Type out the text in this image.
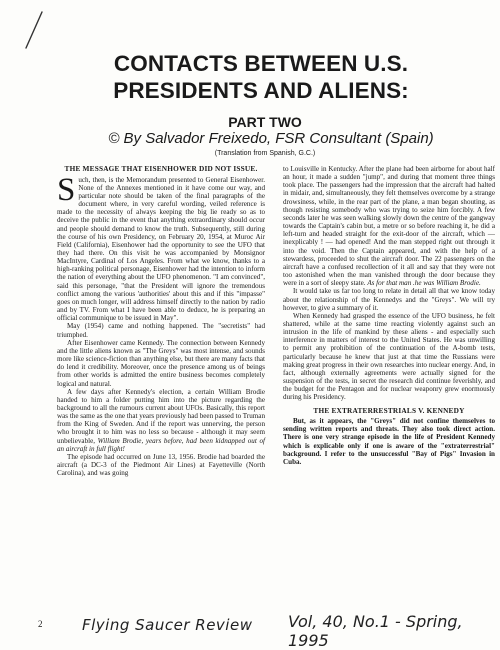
CONTACTS BETWEEN U.S.
PRESIDENTS AND ALIENS:
PART TWO
© By Salvador Freixedo, FSR Consultant (Spain)
(Translation from Spanish, G.C.)
THE MESSAGE THAT EISENHOWER DID NOT ISSUE.

Such, then, is the Memorandum presented to General Eisenhower. None of the Annexes mentioned in it have come our way, and particular note should be taken of the final paragraphs of the document where, in very careful wording, veiled reference is made to the necessity of always keeping the big lie ready so as to deceive the public in the event that anything extraordinary should occur and people should demand to know the truth. Subsequently, still during the course of his own Presidency, on February 20, 1954, at Muroc Air Field (California), Eisenhower had the opportunity to see the UFO that they had there. On this visit he was accompanied by Monsignor MacIntyre, Cardinal of Los Angeles. From what we know, thanks to a high-ranking political personage, Eisenhower had the intention to inform the nation of everything about the UFO phenomenon. "I am convinced", said this personage, "that the President will ignore the tremendous conflict among the various 'authorities' about this and if this "impasse" goes on much longer, will address himself directly to the nation by radio and by TV. From what I have been able to deduce, he is preparing an official communique to be issued in May".

May (1954) came and nothing happened. The "secretists" had triumphed.

After Eisenhower came Kennedy. The connection between Kennedy and the little aliens known as "The Greys" was most intense, and sounds more like science-fiction than anything else, but there are many facts that do lend it credibility. Moreover, once the presence among us of beings from other worlds is admitted the entire business becomes completely logical and natural.

A few days after Kennedy's election, a certain William Brodie handed to him a folder putting him into the picture regarding the background to all the rumours current about UFOs. Basically, this report was the same as the one that years previously had been passed to Truman from the King of Sweden. And if the report was unnerving, the person who brought it to him was no less so because - although it may seem unbelievable, William Brodie, years before, had been kidnapped out of an aircraft in full flight!

The episode had occurred on June 13, 1956. Brodie had boarded the aircraft (a DC-3 of the Piedmont Air Lines) at Fayetteville (North Carolina), and was going

to Louisville in Kentucky. After the plane had been airborne for about half an hour, it made a sudden "jump", and during that moment three things took place. The passengers had the impression that the aircraft had halted in midair, and, simultaneously, they felt themselves overcome by a strange drowsiness, while, in the rear part of the plane, a man began shouting, as though resisting somebody who was trying to seize him forcibly. A few seconds later he was seen walking slowly down the centre of the gangway towards the Captain's cabin but, a metre or so before reaching it, he did a left-turn and headed straight for the exit-door of the aircraft, which — inexplicably ! — had opened! And the man stepped right out through it into the void. Then the Captain appeared, and with the help of a stewardess, proceeded to shut the aircraft door. The 22 passengers on the aircraft have a confused recollection of it all and say that they were not too astonished when the man vanished through the door because they were in a sort of sleepy state. As for that man .he was William Brodie.

It would take us far too long to relate in detail all that we know today about the relationship of the Kennedys and the "Greys". We will try however, to give a summary of it.

When Kennedy had grasped the essence of the UFO business, he felt shattered, while at the same time reacting violently against such an intrusion in the life of mankind by these aliens - and especially such interference in matters of interest to the United States. He was unwilling to permit any prohibition of the continuation of the A-bomb tests, particularly because he knew that just at that time the Russians were making great progress in their own researches into nuclear energy. And, in fact, although externally agreements were actually signed for the suspension of the tests, in secret the research did continue feverishly, and the budget for the Pentagon and for nuclear weaponry grew enormously during his Presidency.

THE EXTRATERRESTRIALS V. KENNEDY

But, as it appears, the "Greys" did not confine themselves to sending written reports and threats. They also took direct action. There is one very strange episode in the life of President Kennedy which is explicable only if one is aware of the "extraterrestrial" background. I refer to the unsuccessful "Bay of Pigs" Invasion in Cuba.

2	Flying Saucer Review Vol, 40, No.1 - Spring, 1995
